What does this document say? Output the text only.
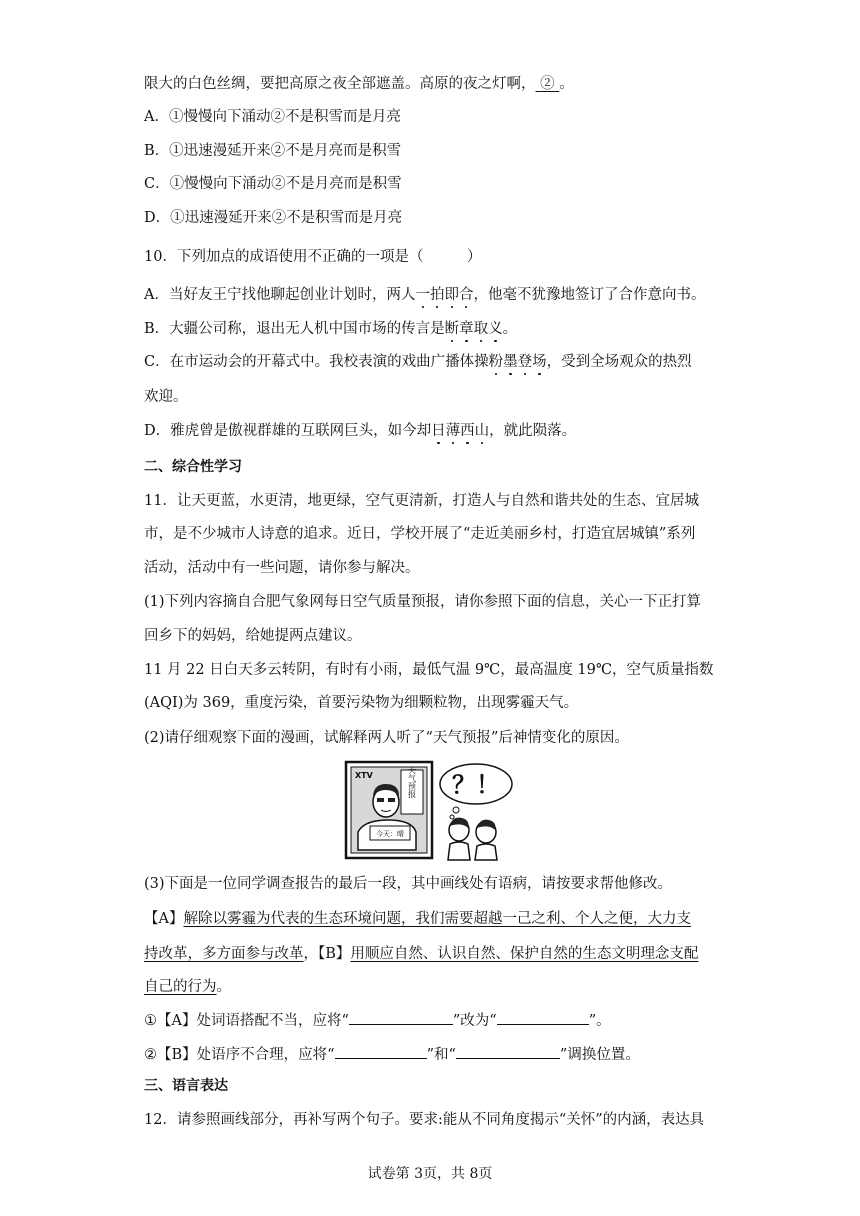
限大的白色丝绸，要把高原之夜全部遮盖。高原的夜之灯啊， ② 。
A．①慢慢向下涌动②不是积雪而是月亮
B．①迅速漫延开来②不是月亮而是积雪
C．①慢慢向下涌动②不是月亮而是积雪
D．①迅速漫延开来②不是积雪而是月亮
10．下列加点的成语使用不正确的一项是（　　　）
A．当好友王宁找他聊起创业计划时，两人一拍即合，他毫不犹豫地签订了合作意向书。
B．大疆公司称，退出无人机中国市场的传言是断章取义。
C．在市运动会的开幕式中。我校表演的戏曲广播体操粉墨登场，受到全场观众的热烈
欢迎。
D．雅虎曾是傲视群雄的互联网巨头，如今却日薄西山，就此陨落。
二、综合性学习
11．让天更蓝，水更清，地更绿，空气更清新，打造人与自然和谐共处的生态、宜居城
市，是不少城市人诗意的追求。近日，学校开展了“走近美丽乡村，打造宜居城镇”系列
活动，活动中有一些问题，请你参与解决。
(1)下列内容摘自合肥气象网每日空气质量预报，请你参照下面的信息，关心一下正打算
回乡下的妈妈，给她提两点建议。
11 月 22 日白天多云转阴，有时有小雨，最低气温 9℃，最高温度 19℃，空气质量指数
(AQI)为 369，重度污染，首要污染物为细颗粒物，出现雾霾天气。
(2)请仔细观察下面的漫画，试解释两人听了“天气预报”后神情变化的原因。
XTV	天气预报
今天：晴
？！
(3)下面是一位同学调查报告的最后一段，其中画线处有语病，请按要求帮他修改。
【A】解除以雾霾为代表的生态环境问题，我们需要超越一己之利、个人之便，大力支
持改革，多方面参与改革，【B】用顺应自然、认识自然、保护自然的生态文明理念支配
自己的行为。
①【A】处词语搭配不当，应将“	”改为“	”。
②【B】处语序不合理，应将“	”和“	”调换位置。
三、语言表达
12．请参照画线部分，再补写两个句子。要求:能从不同角度揭示“关怀”的内涵，表达具
试卷第 3页，共 8页
